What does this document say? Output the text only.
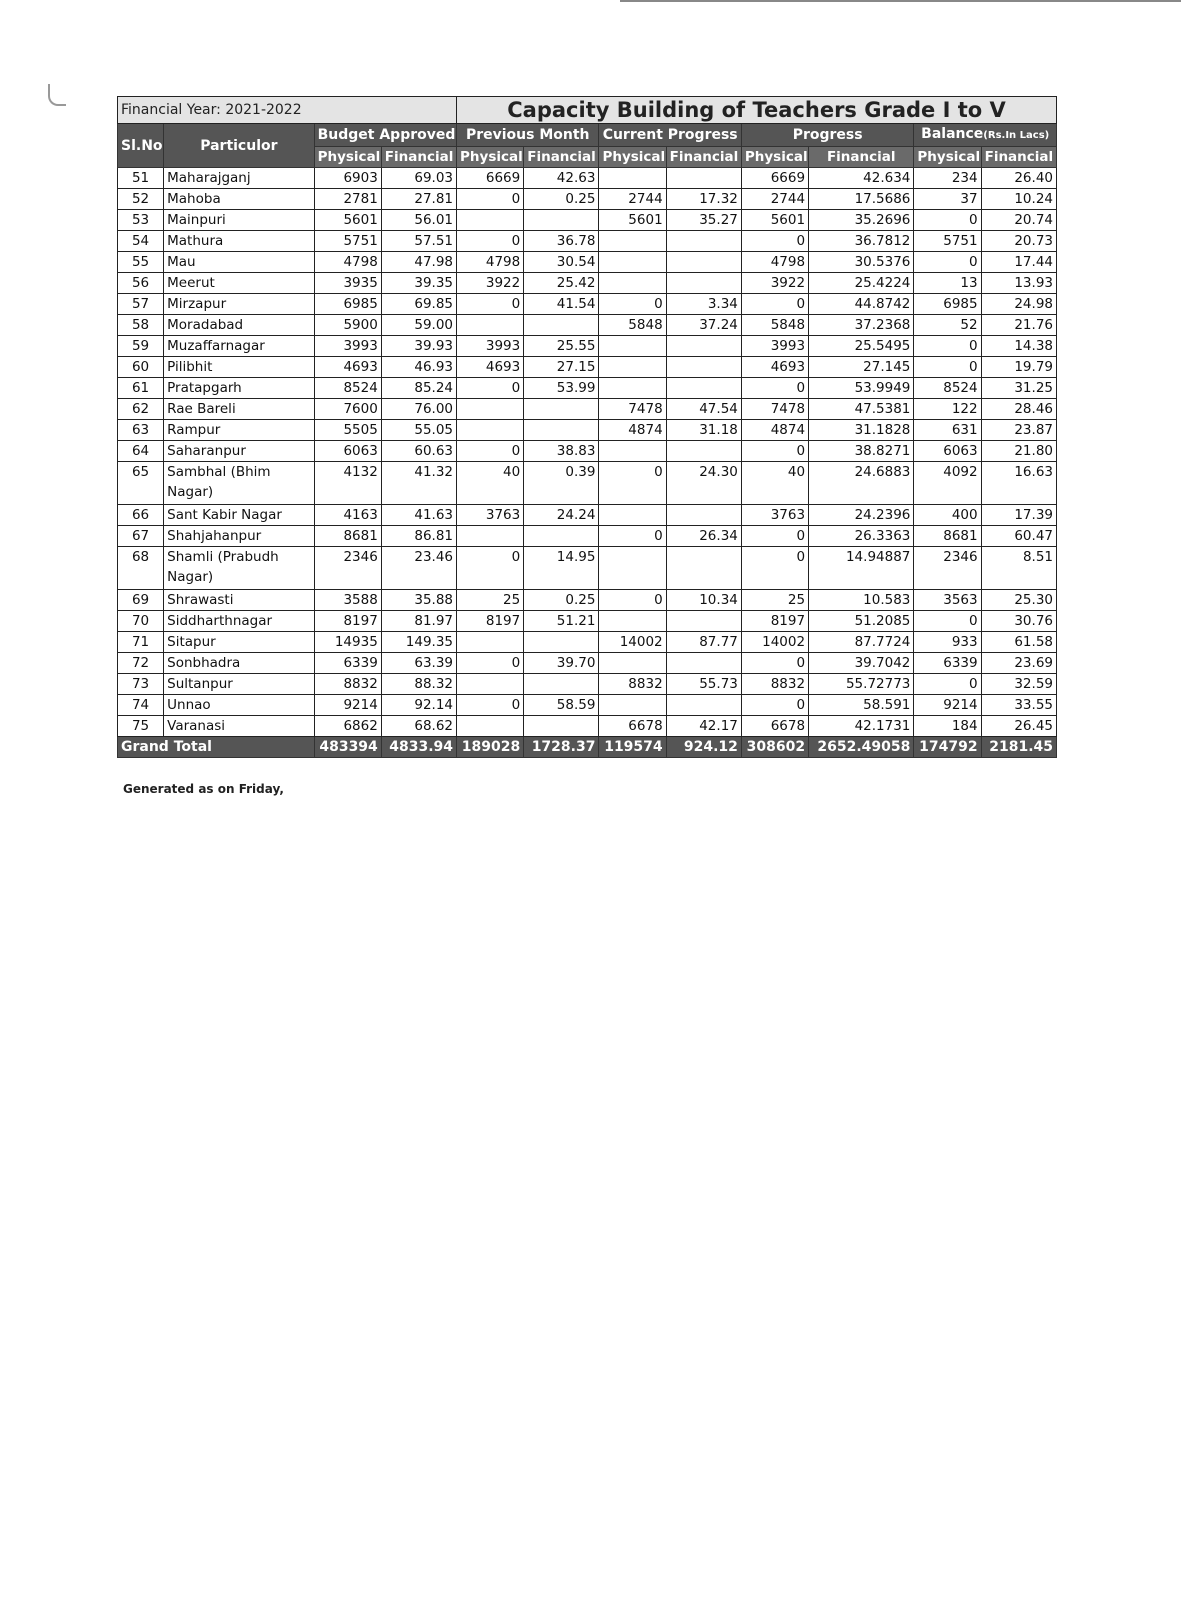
Financial Year: 2021-2022				Capacity Building of Teachers Grade I to V							
Sl.No	Particulor	Budget Approved		Previous Month		Current Progress		Progress		Balance(Rs.In Lacs)	
		Physical	Financial	Physical	Financial	Physical	Financial	Physical	Financial	Physical	Financial
51	Maharajganj	6903	69.03	6669	42.63			6669	42.634	234	26.40
52	Mahoba	2781	27.81	0	0.25	2744	17.32	2744	17.5686	37	10.24
53	Mainpuri	5601	56.01			5601	35.27	5601	35.2696	0	20.74
54	Mathura	5751	57.51	0	36.78			0	36.7812	5751	20.73
55	Mau	4798	47.98	4798	30.54			4798	30.5376	0	17.44
56	Meerut	3935	39.35	3922	25.42			3922	25.4224	13	13.93
57	Mirzapur	6985	69.85	0	41.54	0	3.34	0	44.8742	6985	24.98
58	Moradabad	5900	59.00			5848	37.24	5848	37.2368	52	21.76
59	Muzaffarnagar	3993	39.93	3993	25.55			3993	25.5495	0	14.38
60	Pilibhit	4693	46.93	4693	27.15			4693	27.145	0	19.79
61	Pratapgarh	8524	85.24	0	53.99			0	53.9949	8524	31.25
62	Rae Bareli	7600	76.00			7478	47.54	7478	47.5381	122	28.46
63	Rampur	5505	55.05			4874	31.18	4874	31.1828	631	23.87
64	Saharanpur	6063	60.63	0	38.83			0	38.8271	6063	21.80
65	Sambhal (Bhim Nagar)	4132	41.32	40	0.39	0	24.30	40	24.6883	4092	16.63
66	Sant Kabir Nagar	4163	41.63	3763	24.24			3763	24.2396	400	17.39
67	Shahjahanpur	8681	86.81			0	26.34	0	26.3363	8681	60.47
68	Shamli (Prabudh Nagar)	2346	23.46	0	14.95			0	14.94887	2346	8.51
69	Shrawasti	3588	35.88	25	0.25	0	10.34	25	10.583	3563	25.30
70	Siddharthnagar	8197	81.97	8197	51.21			8197	51.2085	0	30.76
71	Sitapur	14935	149.35			14002	87.77	14002	87.7724	933	61.58
72	Sonbhadra	6339	63.39	0	39.70			0	39.7042	6339	23.69
73	Sultanpur	8832	88.32			8832	55.73	8832	55.72773	0	32.59
74	Unnao	9214	92.14	0	58.59			0	58.591	9214	33.55
75	Varanasi	6862	68.62			6678	42.17	6678	42.1731	184	26.45
Grand Total		483394	4833.94	189028	1728.37	119574	924.12	308602	2652.49058	174792	2181.45
Generated as on Friday,
